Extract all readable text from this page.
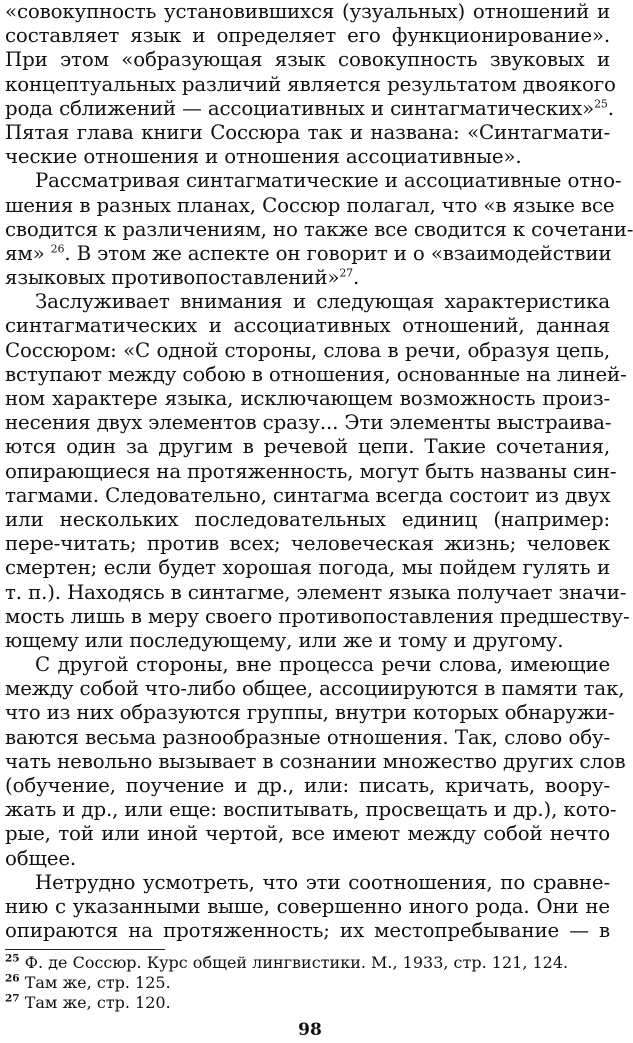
«совокупность установившихся (узуальных) отношений и
составляет язык и определяет его функционирование».
При этом «образующая язык совокупность звуковых и
концептуальных различий является результатом двоякого
рода сближений — ассоциативных и синтагматических»$^{25}$.
Пятая глава книги Соссюра так и названа: «Синтагмати-
ческие отношения и отношения ассоциативные».
Рассматривая синтагматические и ассоциативные отно-
шения в разных планах, Соссюр полагал, что «в языке все
сводится к различениям, но также все сводится к сочетани-
ям» $^{26}$. В этом же аспекте он говорит и о «взаимодействии
языковых противопоставлений»$^{27}$.
Заслуживает внимания и следующая характеристика
синтагматических и ассоциативных отношений, данная
Соссюром: «С одной стороны, слова в речи, образуя цепь,
вступают между собою в отношения, основанные на линей-
ном характере языка, исключающем возможность произ-
несения двух элементов сразу... Эти элементы выстраива-
ются один за другим в речевой цепи. Такие сочетания,
опирающиеся на протяженность, могут быть названы син-
тагмами. Следовательно, синтагма всегда состоит из двух
или нескольких последовательных единиц (например:
пере-читать; против всех; человеческая жизнь; человек
смертен; если будет хорошая погода, мы пойдем гулять и
т. п.). Находясь в синтагме, элемент языка получает значи-
мость лишь в меру своего противопоставления предшеству-
ющему или последующему, или же и тому и другому.
С другой стороны, вне процесса речи слова, имеющие
между собой что-либо общее, ассоциируются в памяти так,
что из них образуются группы, внутри которых обнаружи-
ваются весьма разнообразные отношения. Так, слово обу-
чать невольно вызывает в сознании множество других слов
(обучение, поучение и др., или: писать, кричать, воору-
жать и др., или еще: воспитывать, просвещать и др.), кото-
рые, той или иной чертой, все имеют между собой нечто
общее.
Нетрудно усмотреть, что эти соотношения, по сравне-
нию с указанными выше, совершенно иного рода. Они не
опираются на протяженность; их местопребывание — в
$^{25}$ Ф. де Соссюр. Курс общей лингвистики. М., 1933, стр. 121, 124.
$^{26}$ Там же, стр. 125.
$^{27}$ Там же, стр. 120.
98
